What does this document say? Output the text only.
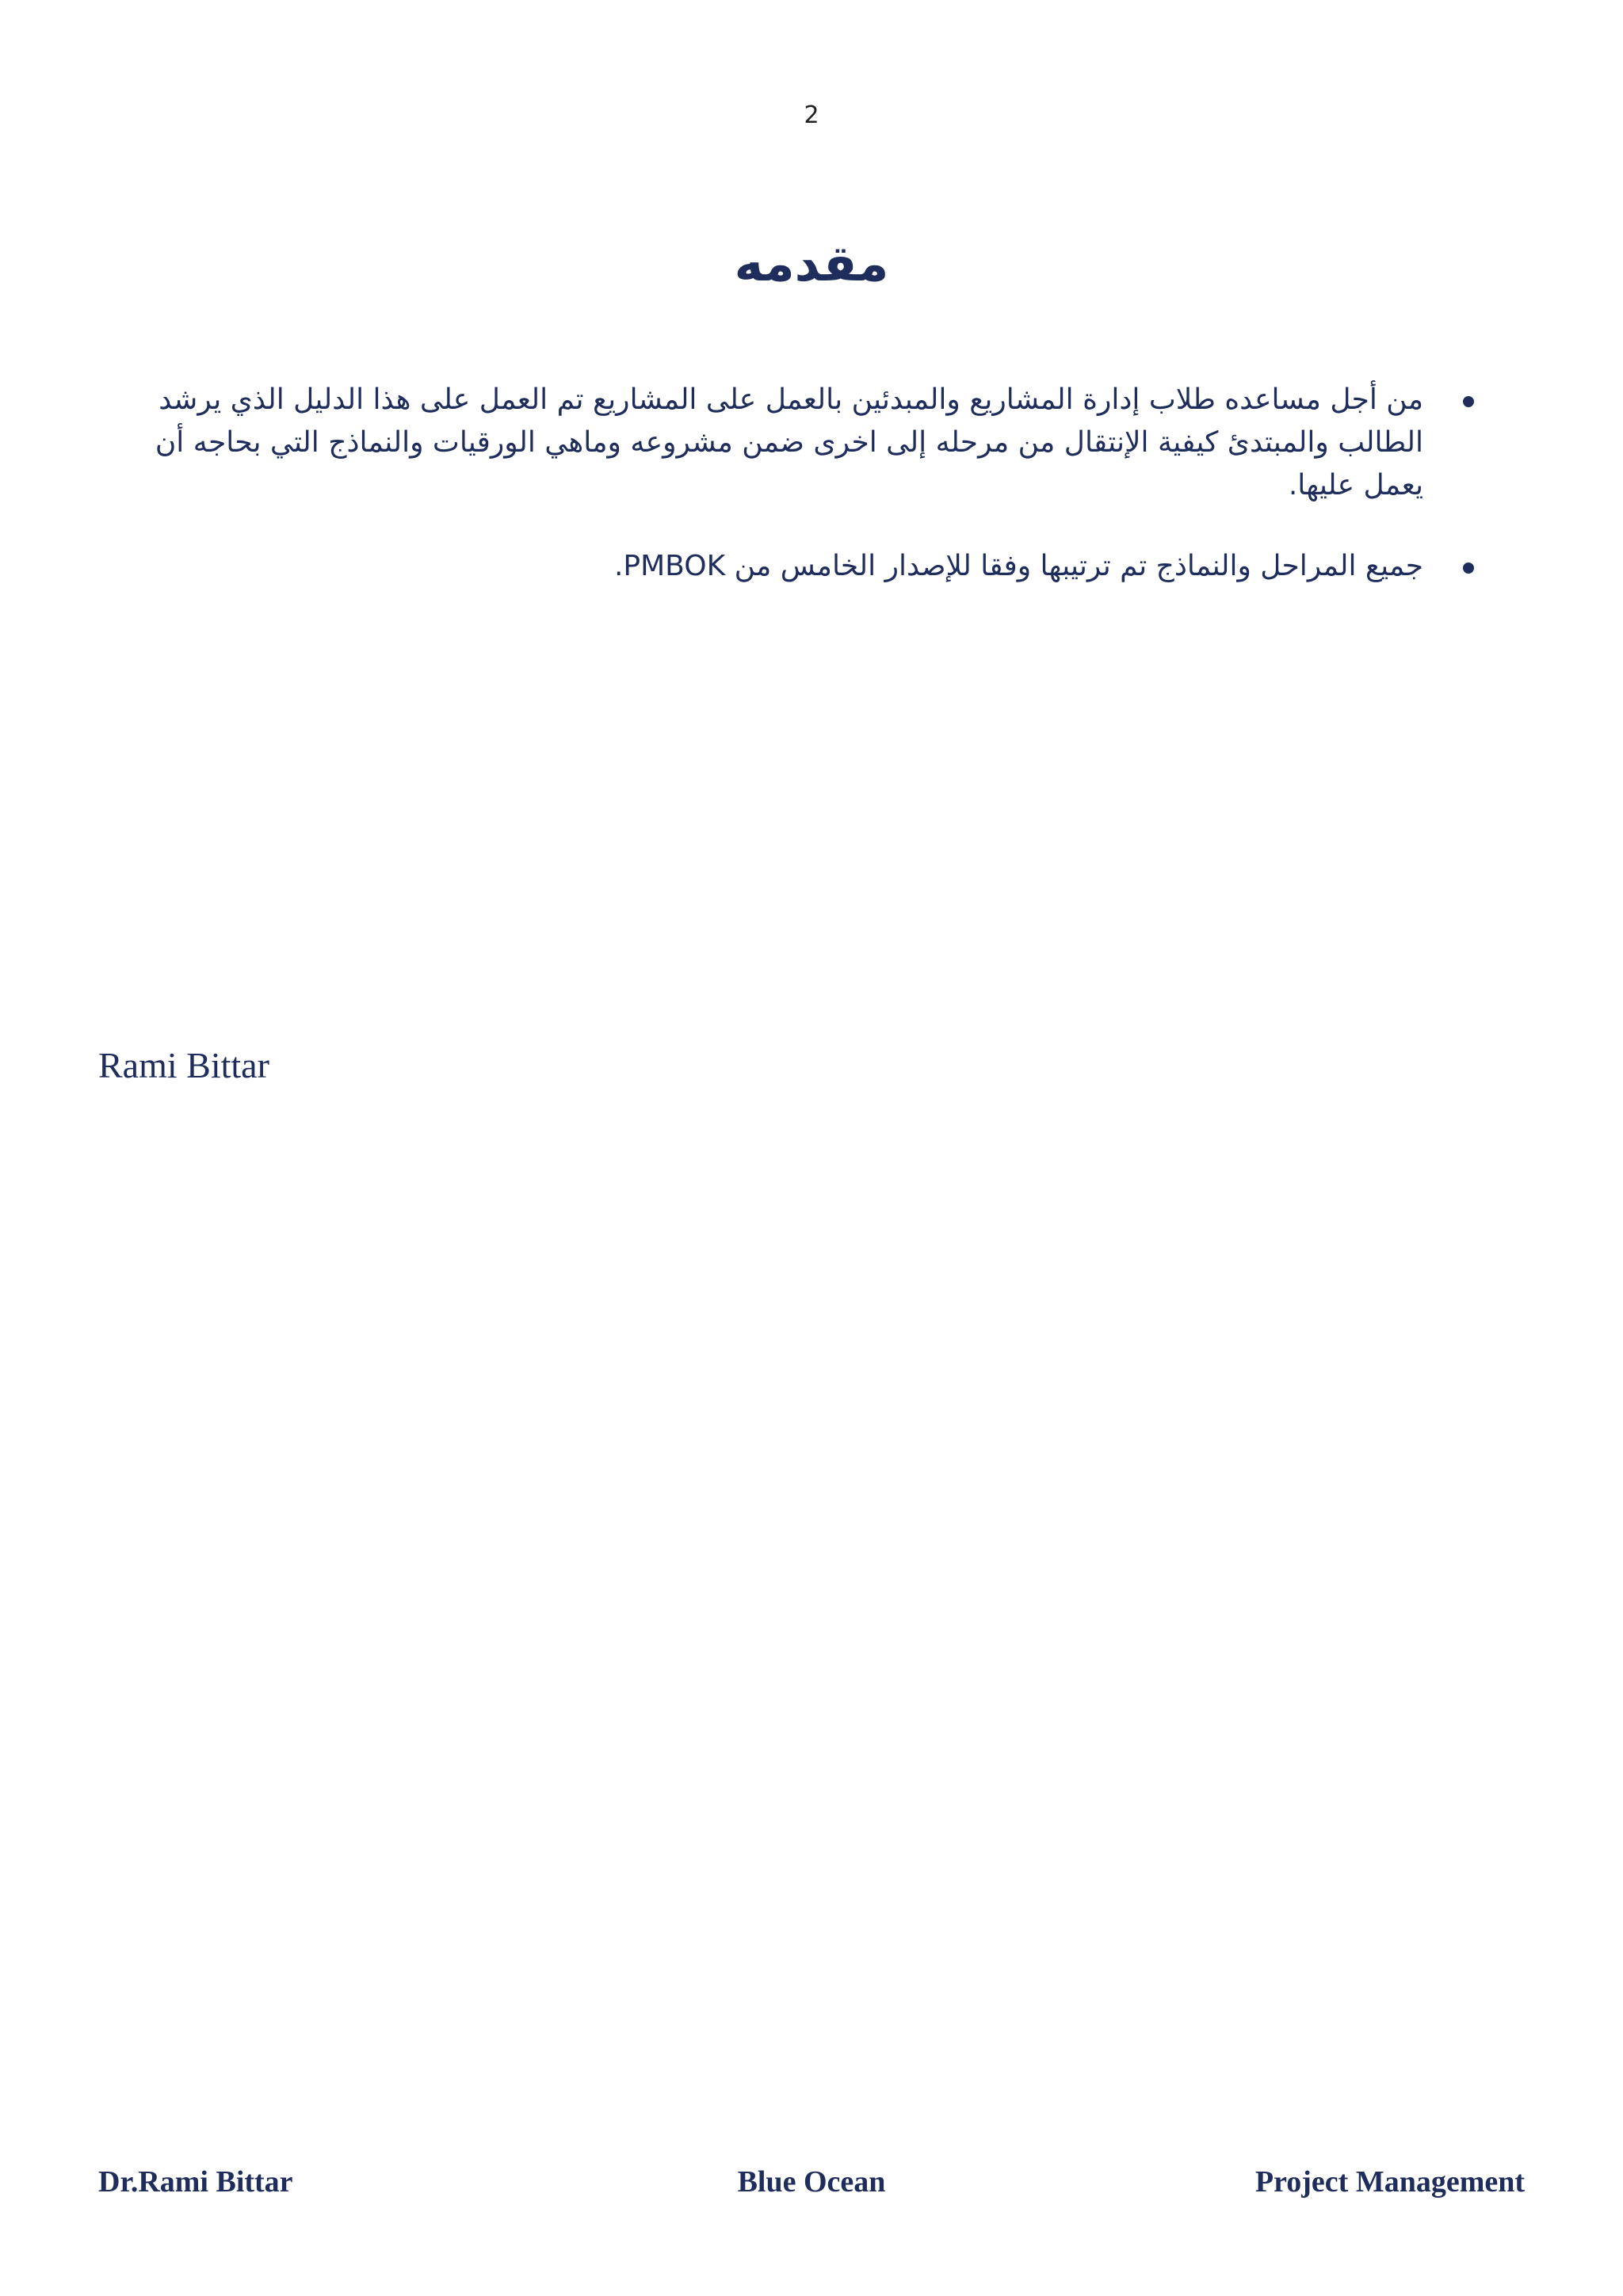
2
مقدمه
من أجل مساعده طلاب إدارة المشاريع والمبدئين بالعمل على المشاريع تم العمل على هذا الدليل الذي يرشد الطالب والمبتدئ كيفية الإنتقال من مرحله إلى اخرى ضمن مشروعه وماهي الورقيات والنماذج التي بحاجه أن يعمل عليها.
جميع المراحل والنماذج تم ترتيبها وفقا للإصدار الخامس من PMBOK.
Rami Bittar
Blue Ocean
Dr.Rami Bittar	Project Management
